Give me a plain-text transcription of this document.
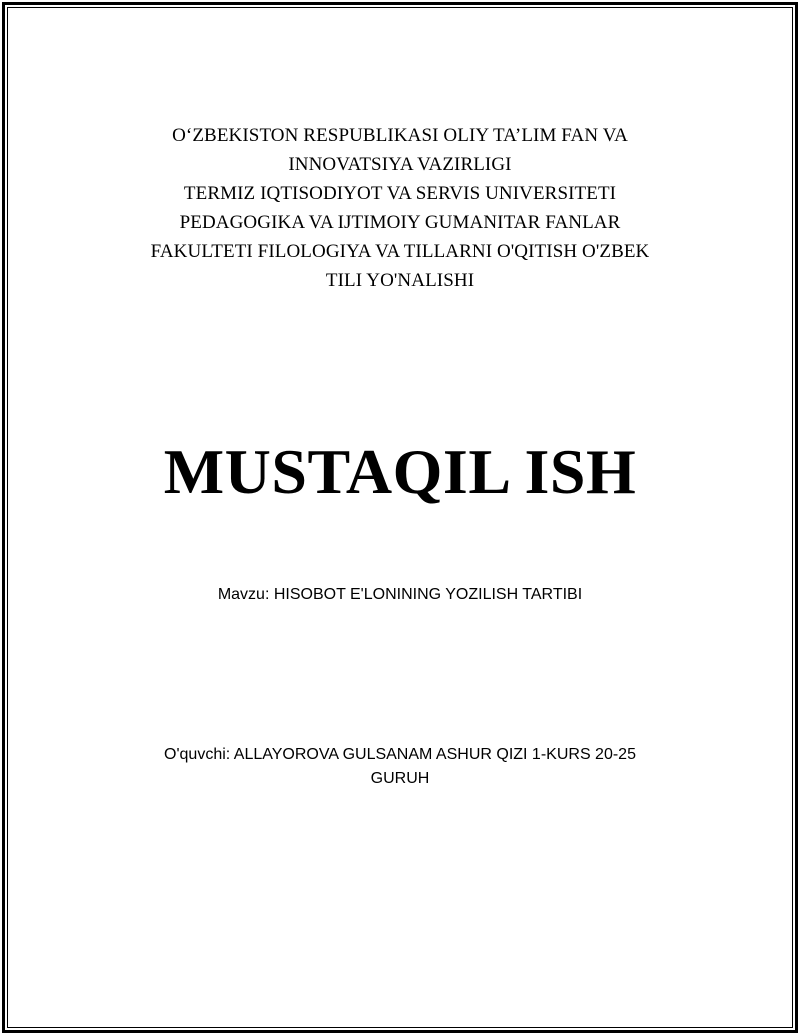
O‘ZBEKISTON RESPUBLIKASI OLIY TA’LIM FAN VA
INNOVATSIYA VAZIRLIGI
TERMIZ IQTISODIYOT VA SERVIS UNIVERSITETI
PEDAGOGIKA VA IJTIMOIY GUMANITAR FANLAR
FAKULTETI FILOLOGIYA VA TILLARNI O'QITISH O'ZBEK
TILI YO'NALISHI
MUSTAQIL ISH
Mavzu: HISOBOT E'LONINING YOZILISH TARTIBI
O'quvchi: ALLAYOROVA GULSANAM ASHUR QIZI 1-KURS 20-25
GURUH
